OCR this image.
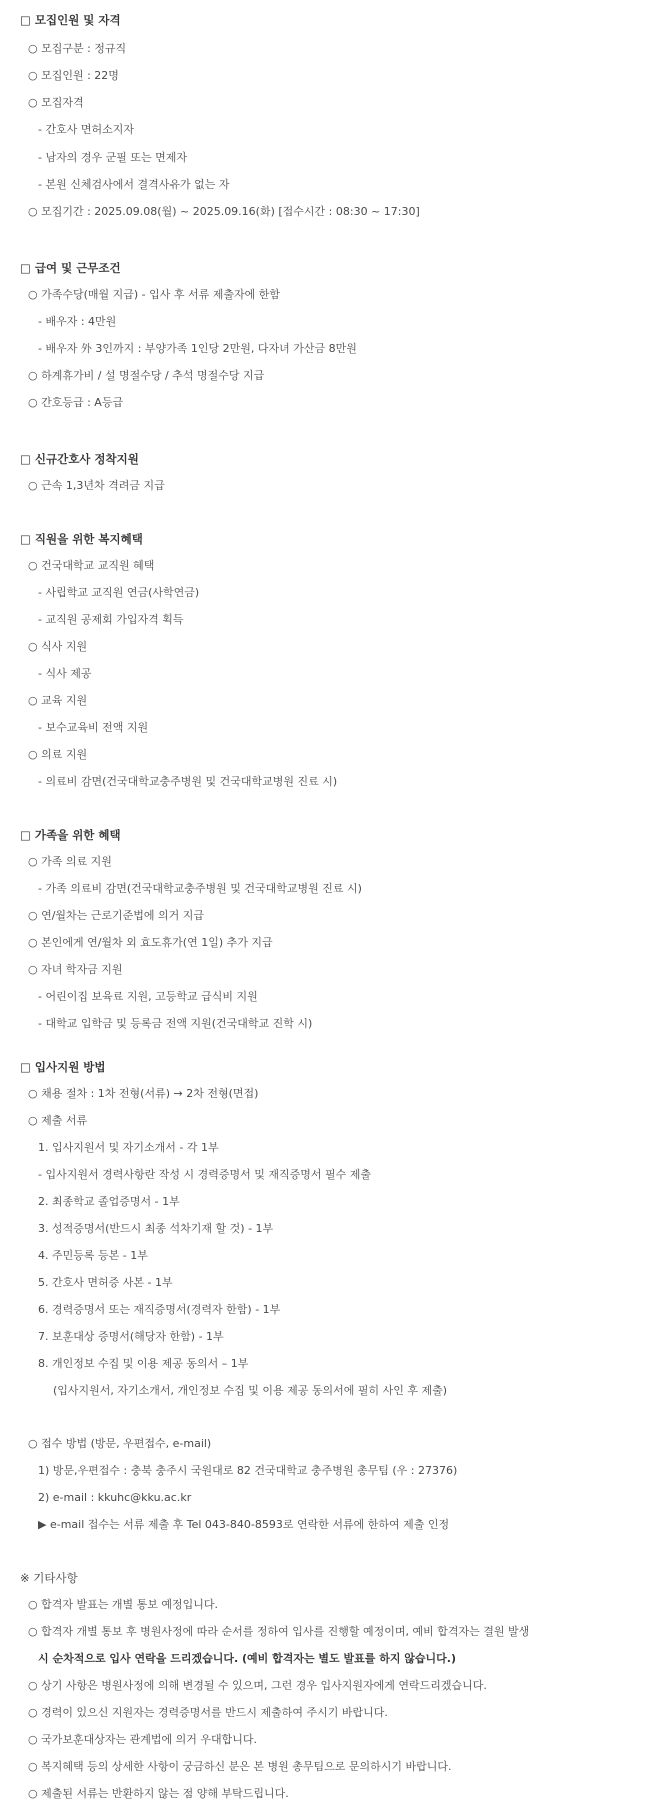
□ 모집인원 및 자격
○ 모집구분 : 정규직
○ 모집인원 : 22명
○ 모집자격
- 간호사 면허소지자
- 남자의 경우 군필 또는 면제자
- 본원 신체검사에서 결격사유가 없는 자
○ 모집기간 : 2025.09.08(월) ~ 2025.09.16(화) [접수시간 : 08:30 ~ 17:30]
□ 급여 및 근무조건
○ 가족수당(매월 지급) - 입사 후 서류 제출자에 한함
- 배우자 : 4만원
- 배우자 外 3인까지 : 부양가족 1인당 2만원, 다자녀 가산금 8만원
○ 하계휴가비 / 설 명절수당 / 추석 명절수당 지급
○ 간호등급 : A등급
□ 신규간호사 정착지원
○ 근속 1,3년차 격려금 지급
□ 직원을 위한 복지혜택
○ 건국대학교 교직원 혜택
- 사립학교 교직원 연금(사학연금)
- 교직원 공제회 가입자격 획득
○ 식사 지원
- 식사 제공
○ 교육 지원
- 보수교육비 전액 지원
○ 의료 지원
- 의료비 감면(건국대학교충주병원 및 건국대학교병원 진료 시)
□ 가족을 위한 혜택
○ 가족 의료 지원
- 가족 의료비 감면(건국대학교충주병원 및 건국대학교병원 진료 시)
○ 연/월차는 근로기준법에 의거 지급
○ 본인에게 연/월차 외 효도휴가(연 1일) 추가 지급
○ 자녀 학자금 지원
- 어린이집 보육료 지원, 고등학교 급식비 지원
- 대학교 입학금 및 등록금 전액 지원(건국대학교 진학 시)
□ 입사지원 방법
○ 채용 절차 : 1차 전형(서류) → 2차 전형(면접)
○ 제출 서류
1. 입사지원서 및 자기소개서 - 각 1부
- 입사지원서 경력사항란 작성 시 경력증명서 및 재직증명서 필수 제출
2. 최종학교 졸업증명서 - 1부
3. 성적증명서(반드시 최종 석차기재 할 것) - 1부
4. 주민등록 등본 - 1부
5. 간호사 면허증 사본 - 1부
6. 경력증명서 또는 재직증명서(경력자 한함) - 1부
7. 보훈대상 증명서(해당자 한함) - 1부
8. 개인정보 수집 및 이용 제공 동의서 – 1부
(입사지원서, 자기소개서, 개인정보 수집 및 이용 제공 동의서에 필히 사인 후 제출)
○ 접수 방법 (방문, 우편접수, e-mail)
1) 방문,우편접수 : 충북 충주시 국원대로 82 건국대학교 충주병원 총무팀 (우 : 27376)
2) e-mail : kkuhc@kku.ac.kr
▶ e-mail 접수는 서류 제출 후 Tel 043-840-8593로 연락한 서류에 한하여 제출 인정
※ 기타사항
○ 합격자 발표는 개별 통보 예정입니다.
○ 합격자 개별 통보 후 병원사정에 따라 순서를 정하여 입사를 진행할 예정이며, 예비 합격자는 결원 발생
시 순차적으로 입사 연락을 드리겠습니다. (예비 합격자는 별도 발표를 하지 않습니다.)
○ 상기 사항은 병원사정에 의해 변경될 수 있으며, 그런 경우 입사지원자에게 연락드리겠습니다.
○ 경력이 있으신 지원자는 경력증명서를 반드시 제출하여 주시기 바랍니다.
○ 국가보훈대상자는 관계법에 의거 우대합니다.
○ 복지혜택 등의 상세한 사항이 궁금하신 분은 본 병원 총무팀으로 문의하시기 바랍니다.
○ 제출된 서류는 반환하지 않는 점 양해 부탁드립니다.
